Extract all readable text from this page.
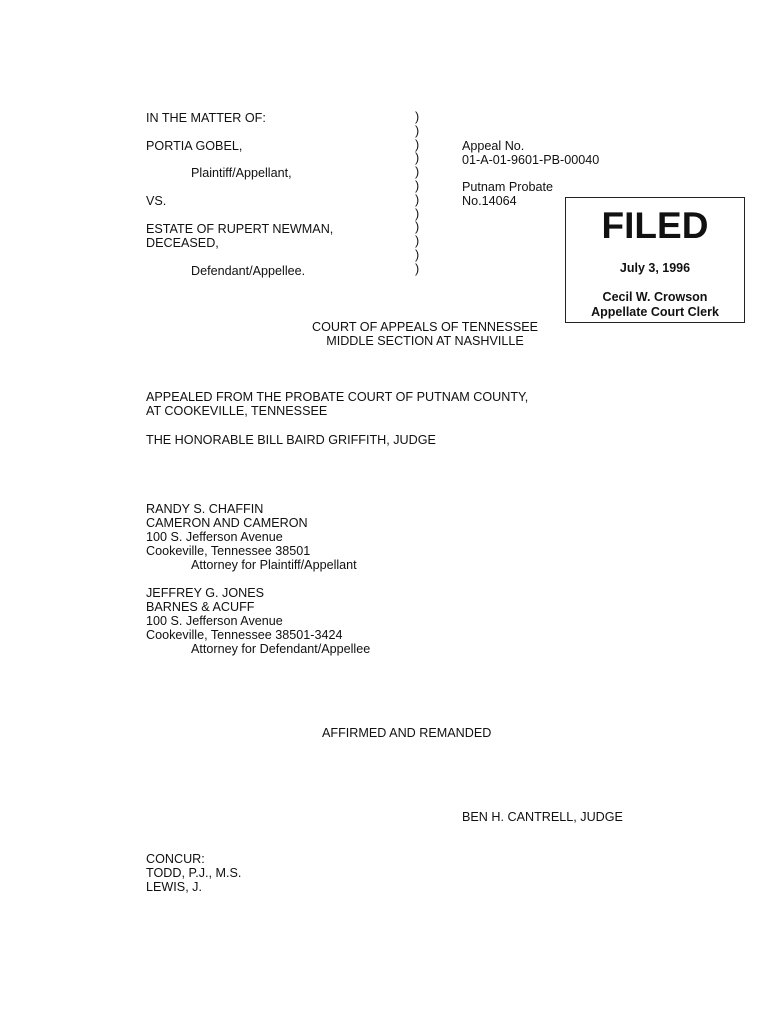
IN THE MATTER OF:
PORTIA GOBEL,
Plaintiff/Appellant,
VS.
ESTATE OF RUPERT NEWMAN,
DECEASED,
Defendant/Appellee.
)
)
)
)
)
)
)
)
)
)
)
)
Appeal No.
01-A-01-9601-PB-00040
Putnam Probate
No.14064
FILED
July 3, 1996
Cecil W. Crowson
Appellate Court Clerk
COURT OF APPEALS OF TENNESSEE
MIDDLE SECTION AT NASHVILLE
APPEALED FROM THE PROBATE COURT OF PUTNAM COUNTY,
AT COOKEVILLE, TENNESSEE
THE HONORABLE BILL BAIRD GRIFFITH, JUDGE
RANDY S. CHAFFIN
CAMERON AND CAMERON
100 S. Jefferson Avenue
Cookeville, Tennessee 38501
Attorney for Plaintiff/Appellant
JEFFREY G. JONES
BARNES & ACUFF
100 S. Jefferson Avenue
Cookeville, Tennessee 38501-3424
Attorney for Defendant/Appellee
AFFIRMED AND REMANDED
BEN H. CANTRELL, JUDGE
CONCUR:
TODD, P.J., M.S.
LEWIS, J.
